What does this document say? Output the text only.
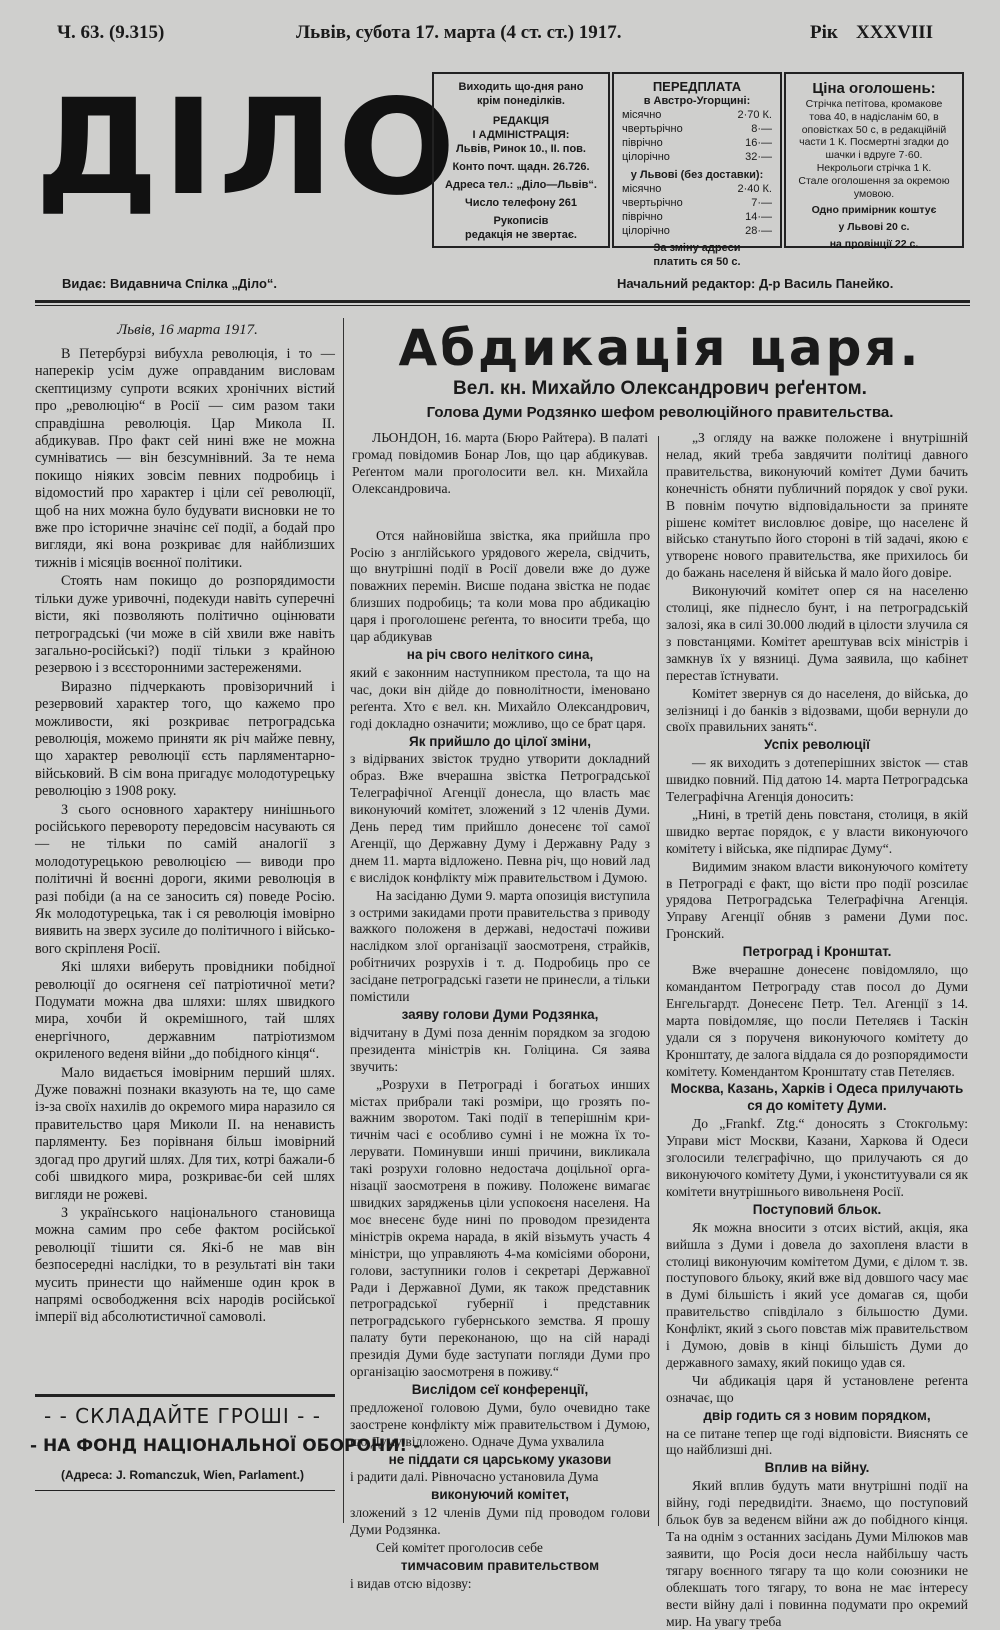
Ч. 63. (9.315)	Львів, субота 17. марта (4 ст. ст.) 1917.	Рік XXXVIII
ДІЛО
Виходить що-дня рано
крім понеділків.
РЕДАКЦІЯ
І АДМІНІСТРАЦІЯ:
Львів, Ринок 10., II. пов.
Конто почт. щадн. 26.726.
Адреса тел.: „Діло—Львів“.
Число телефону 261
Рукописів
редакція не звертає.
ПЕРЕДПЛАТА
в Австро-Угорщині:
місячно	2·70 К.
чвертьрічно	8·—
піврічно	16·—
цілорічно	32·—
у Львові (без доставки):
місячно	2·40 К.
чвертьрічно	7·—
піврічно	14·—
цілорічно	28·—
За зміну адреси
платить ся 50 с.
Ціна оголошень:
Стрічка петітова, кромакове
това 40, в надісланім 60, в
оповістках 50 с, в редакційній
части 1 К. Посмертні згадки до
шачки і вдруге 7·60.
Некрольоги стрічка 1 К.
Стале оголошення за окремою
умовою.
Одно примірник коштує
у Львові 20 с.
на провінції 22 с.
Видає: Видавнича Спілка „Діло“.	Начальний редактор: Д-р Василь Панейко.
Львів, 16 марта 1917.

В Петербурзі вибухла революція, і то — наперекір усім дуже оправданим висловам скептицизму супроти всяких хронічних вістий про „революцію“ в Росії — сим разом таки справдішна революція. Цар Микола II. абдикував. Про факт сей нині вже не можна сумніватись — він безсумнівний. За те нема покищо ніяких зовсім певних подробиць і відомостий про характер і ціли сеї революції, щоб на них можна було будувати висновки не то вже про історичне значінє сеї події, а бодай про вигляди, які вона розкриває для найблизших тижнів і місяців воєнної політики.

Стоять нам покищо до розпорядимости тільки дуже уривочні, подекуди навіть суперечні вісти, які позволяють політично оцінювати петроградські (чи може в сій хвили вже навіть загально-російські?) події тільки з крайною резервою і з всєсторонними застереженями.

Виразно підчеркають провізоричний і резервовий характер того, що кажемо про можливости, які розкриває петроградська революція, можемо приняти як річ майже певну, що характер революції єсть парляментарно-військовий. В сім вона пригадує молодотурецьку революцію з 1908 року.

З сього основного характеру нинішнього російського перевороту передовсім насувають ся — не тільки по самій аналогії з молодотурецькою революцією — виводи про політичні й воєнні дороги, якими революція в разі побіди (а на се заносить ся) поведе Росію. Як молодотурецька, так і ся революція імовірно виявить на зверх зусиле до політичного і військового скріпленя Росії.

Які шляхи виберуть провідники побідної революції до осягненя сеї патріотичної мети? Подумати можна два шляхи: шлях швидкого мира, хочби й окремішного, тай шлях енергічного, державним патріотизмом окриленого веденя війни „до побідного кінця“.

Мало видається імовірним перший шлях. Дуже поважні познаки вказують на те, що саме із-за своїх нахилів до окремого мира наразило ся правительство царя Миколи II. на ненависть парляменту. Без порівнаня більш імовірний здогад про другий шлях. Для тих, котрі бажали-б собі швидкого мира, розкриває-би сей шлях вигляди не рожеві.

З українського національного становища можна самим про себе фактом російської революції тішити ся. Які-б не мав він безпосередні наслідки, то в результаті він таки мусить принести що найменше один крок в напрямі освободження всіх народів російської імперії від абсолютистичної самоволі.

- - СКЛАДАЙТЕ ГРОШІ - -
- НА ФОНД НАЦІОНАЛЬНОЇ ОБОРОНИ! -
(Адреса: J. Romanczuk, Wien, Parlament.)
Абдикація царя.
Вел. кн. Михайло Олександрович реґентом.
Голова Думи Родзянко шефом революційного правительства.

ЛЬОНДОН, 16. марта (Бюро Райтера). В палаті громад повідомив Бонар Лов, що цар абдикував. Реґентом мали проголосити вел. кн. Михайла Олександровича.

Отся найновійша звістка, яка прийшла про Росію з англійського урядового жерела, свідчить, що внутрішні події в Росії довели вже до дуже поважних перемін. Висше подана звістка не подає близших подробиць; та коли мова про абдикацію царя і проголошенє реґента, то вносити треба, що цар абдикував

на річ свого неліткого сина,

який є законним наступником престола, та що на час, доки він дійде до повнолітности, іменовано реґента. Хто є вел. кн. Михайло Олександрович, годі докладно означити; можливо, що се брат царя.

Як прийшло до цілої зміни,

з відірваних звісток трудно утворити докладний образ. Вже вчерашна звістка Петроградської Телеграфічної Агенції донесла, що власть має виконуючий комітет, зложений з 12 членів Думи. День перед тим прийшло донесенє тої самої Агенції, що Державну Думу і Державну Раду з днем 11. марта відложено. Певна річ, що новий лад є вислідок конфлікту між правительством і Думою.

На засіданю Думи 9. марта опозиція виступила з острими закидами проти правительства з приводу важкого положеня в державі, недостачі поживи наслідком злої організації заосмотреня, страйків, робітничих розрухів і т. д. Подробиць про се засідане петроградські газети не принесли, а тільки помістили

заяву голови Думи Родзянка,

відчитану в Думі поза деннім порядком за згодою президента міністрів кн. Голіцина. Ся заява звучить:

„Розрухи в Петрограді і богатьох инших містах прибрали такі розміри, що грозять поважним зворотом. Такі події в теперішнім критичнім часі є особливо сумні і не можна їх толерувати. Поминувши инші причини, викликала такі розрухи головно недостача доцільної організації заосмотреня в поживу. Положенє вимагає швидких зарядженьв ціли успокоєня населеня. На моє внесенє буде нині по проводом президента міністрів окрема нарада, в якій візьмуть участь 4 міністри, що управляють 4-ма комісіями оборони, голови, заступники голов і секретарі Державної Ради і Державної Думи, як також представник петроградської губернії і представник петроградського губернського земства. Я прошу палату бути переконаною, що на сій нараді президія Думи буде заступати погляди Думи про організацію заосмотреня в поживу.“

Вислідом сеї конференції,

предложеної головою Думи, було очевидно таке заострене конфлікту між правительством і Думою, що Думу відложено. Одначе Дума ухвалила

не піддати ся царському указови

і радити далі. Рівночасно установила Дума

виконуючий комітет,

зложений з 12 членів Думи під проводом голови Думи Родзянка.

Сей комітет проголосив себе

тимчасовим правительством

і видав отсю відозву:

„З огляду на важке положене і внутрішній нелад, який треба завдячити політиці давного правительства, виконуючий комітет Думи бачить конечність обняти публичний порядок у свої руки. В повнім почутю відповідальности за приняте рішенє комітет висловлює довіре, що населенє й військо станутьпо його стороні в тій задачі, якою є утворенє нового правительства, яке прихилось би до бажань населеня й війська й мало його довіре.

Виконуючий комітет опер ся на населеню столиці, яке піднесло бунт, і на петроградській залозі, яка в силі 30.000 людий в цілости злучила ся з повстанцями. Комітет арештував всіх міністрів і замкнув їх у вязниці. Дума заявила, що кабінет перестав їстнувати.

Комітет звернув ся до населеня, до війська, до зелізниці і до банків з відозвами, щоби вернули до своїх правильних занять“.

Успіх революції

— як виходить з дотеперішних звісток — став швидко повний. Під датою 14. марта Петроградська Телеграфічна Агенція доносить:

„Нині, в третій день повстаня, столиця, в якій швидко вертає порядок, є у власти виконуючого комітету і війська, яке підпирає Думу“.

Видимим знаком власти виконуючого комітету в Петрограді є факт, що вісти про події розсилає урядова Петроградська Телеґрафічна Агенція. Управу Агенції обняв з рамени Думи пос. Гронский.

Петроград і Кронштат.

Вже вчерашне донесенє повідомляло, що командантом Петрограду став посол до Думи Енгельгардт. Донесенє Петр. Тел. Агенції з 14. марта повідомляє, що посли Петеляєв і Таскін удали ся з порученя виконуючого комітету до Кронштату, де залога віддала ся до розпорядимости комітету. Комендантом Кронштату став Петеляєв.

Москва, Казань, Харків і Одеса прилучають ся до комітету Думи.

До „Frankf. Ztg.“ доносять з Стокгольму: Управи міст Москви, Казани, Харкова й Одеси зголосили телєграфічно, що прилучають ся до виконуючого комітету Думи, і уконституували ся як комітети внутрішнього вивольненя Росії.

Поступовий бльок.

Як можна вносити з отсих вістий, акція, яка вийшла з Думи і довела до захопленя власти в столиці виконуючим комітетом Думи, є ділом т. зв. поступового бльоку, який вже від довшого часу має в Думі більшість і який усе домагав ся, щоби правительство співділало з більшостю Думи. Конфлікт, який з сього повстав між правительством і Думою, довів в кінці більшість Думи до державного замаху, який покищо удав ся.

Чи абдикація царя й установлене реґента означає, що

двір годить ся з новим порядком,

на се питане тепер ще годі відповісти. Вияснять се що найблизші дні.

Вплив на війну.

Який вплив будуть мати внутрішні події на війну, годі передвидіти. Знаємо, що поступовий бльок був за веденєм війни аж до побідного кінця. Та на однім з останних засідань Думи Мілюков мав заявити, що Росія доси несла найбільшу часть тягару воєнного тягару та що коли союзники не облекшать того тягару, то вона не має інтересу вести війну далі і повинна подумати про окремий мир. На увагу треба
